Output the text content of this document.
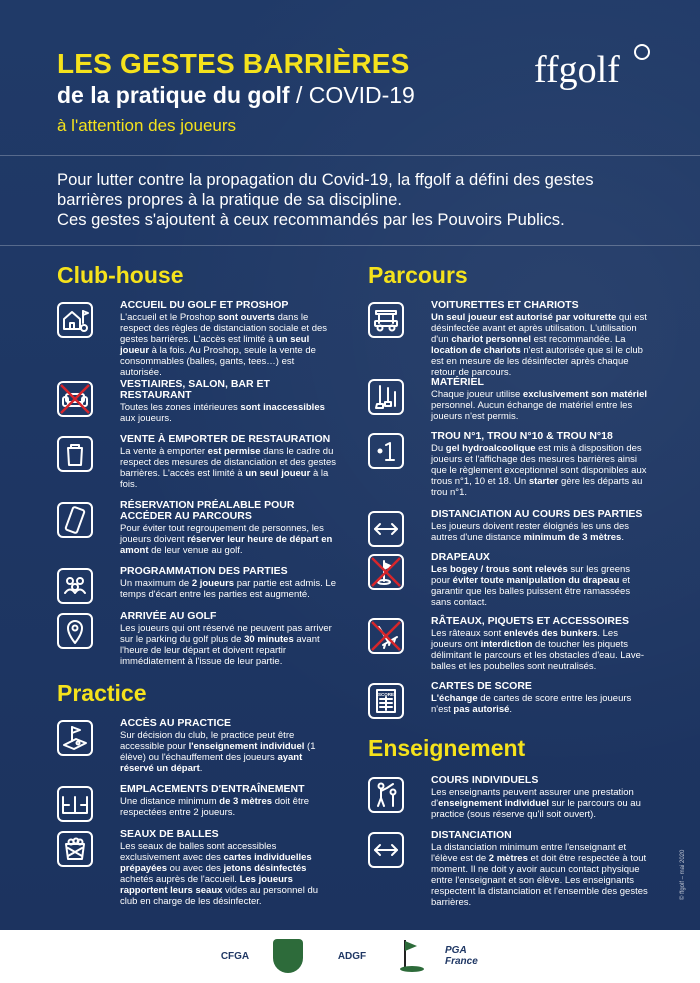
LES GESTES BARRIÈRES
de la pratique du golf / COVID-19
à l'attention des joueurs
ffgolf

Pour lutter contre la propagation du Covid-19, la ffgolf a défini des gestes barrières propres à la pratique de sa discipline.

Ces gestes s'ajoutent à ceux recommandés par les Pouvoirs Publics.

Club-house
Practice
Parcours
Enseignement
ACCUEIL DU GOLF ET PROSHOP
L'accueil et le Proshop sont ouverts dans le respect des règles de distanciation sociale et des gestes barrières. L'accès est limité à un seul joueur à la fois. Au Proshop, seule la vente de consommables (balles, gants, tees…) est autorisée.
VESTIAIRES, SALON, BAR ET RESTAURANT
Toutes les zones intérieures sont inaccessibles aux joueurs.
VENTE À EMPORTER DE RESTAURATION
La vente à emporter est permise dans le cadre du respect des mesures de distanciation et des gestes barrières. L'accès est limité à un seul joueur à la fois.
RÉSERVATION PRÉALABLE POUR ACCÉDER AU PARCOURS
Pour éviter tout regroupement de personnes, les joueurs doivent réserver leur heure de départ en amont de leur venue au golf.
PROGRAMMATION DES PARTIES
Un maximum de 2 joueurs par partie est admis. Le temps d'écart entre les parties est augmenté.
ARRIVÉE AU GOLF
Les joueurs qui ont réservé ne peuvent pas arriver sur le parking du golf plus de 30 minutes avant l'heure de leur départ et doivent repartir immédiatement à l'issue de leur partie.
ACCÈS AU PRACTICE
Sur décision du club, le practice peut être accessible pour l'enseignement individuel (1 élève) ou l'échauffement des joueurs ayant réservé un départ.
EMPLACEMENTS D'ENTRAÎNEMENT
Une distance minimum de 3 mètres doit être respectées entre 2 joueurs.
SEAUX DE BALLES
Les seaux de balles sont accessibles exclusivement avec des cartes individuelles prépayées ou avec des jetons désinfectés achetés auprès de l'accueil. Les joueurs rapportent leurs seaux vides au personnel du club en charge de les désinfecter.
VOITURETTES ET CHARIOTS
Un seul joueur est autorisé par voiturette qui est désinfectée avant et après utilisation. L'utilisation d'un chariot personnel est recommandée. La location de chariots n'est autorisée que si le club est en mesure de les désinfecter après chaque retour de parcours.
MATÉRIEL
Chaque joueur utilise exclusivement son matériel personnel. Aucun échange de matériel entre les joueurs n'est permis.
TROU N°1, TROU N°10 & TROU N°18
Du gel hydroalcoolique est mis à disposition des joueurs et l'affichage des mesures barrières ainsi que le règlement exceptionnel sont disponibles aux trous n°1, 10 et 18. Un starter gère les départs au trou n°1.
DISTANCIATION AU COURS DES PARTIES
Les joueurs doivent rester éloignés les uns des autres d'une distance minimum de 3 mètres.
DRAPEAUX
Les bogey / trous sont relevés sur les greens pour éviter toute manipulation du drapeau et garantir que les balles puissent être ramassées sans contact.
RÂTEAUX, PIQUETS ET ACCESSOIRES
Les râteaux sont enlevés des bunkers. Les joueurs ont interdiction de toucher les piquets délimitant le parcours et les obstacles d'eau. Lave-balles et les poubelles sont neutralisés.
SCORE
CARTES DE SCORE
L'échange de cartes de score entre les joueurs n'est pas autorisé.
COURS INDIVIDUELS
Les enseignants peuvent assurer une prestation d'enseignement individuel sur le parcours ou au practice (sous réserve qu'il soit ouvert).
DISTANCIATION
La distanciation minimum entre l'enseignant et l'élève est de 2 mètres et doit être respectée à tout moment. Il ne doit y avoir aucun contact physique entre l'enseignant et son élève. Les enseignants respectent la distanciation et l'ensemble des gestes barrières.
© ffgolf – mai 2020
CFGA	ADGF	PGA France
